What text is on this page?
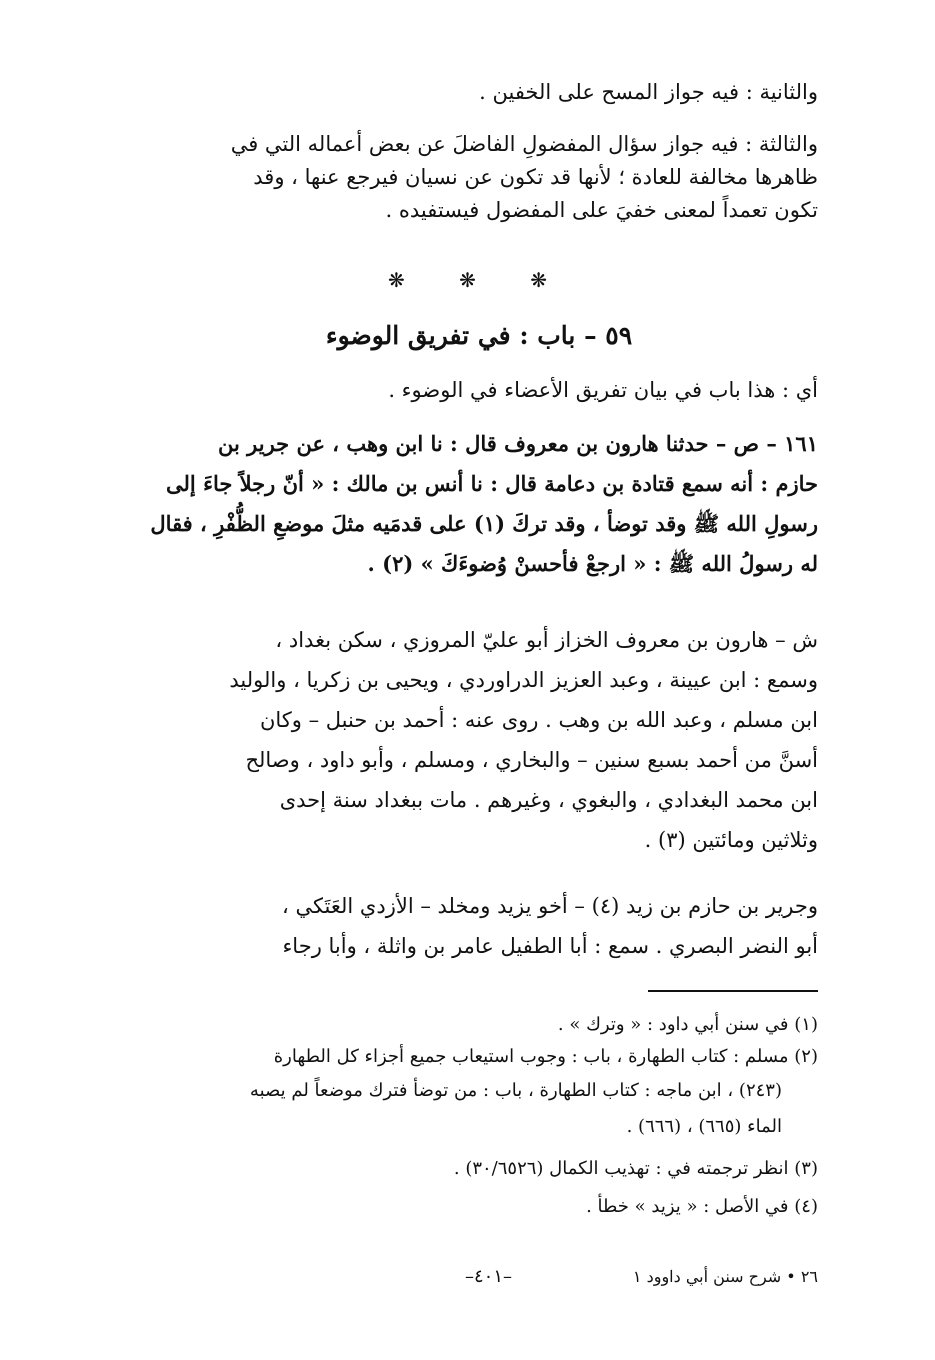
والثانية : فيه جواز المسح على الخفين .
والثالثة : فيه جواز سؤال المفضولِ الفاضلَ عن بعض أعماله التي في
ظاهرها مخالفة للعادة ؛ لأنها قد تكون عن نسيان فيرجع عنها ، وقد
تكون تعمداً لمعنى خفيَ على المفضول فيستفيده .
❋ ❋ ❋
٥٩ – باب : في تفريق الوضوء
أي : هذا باب في بيان تفريق الأعضاء في الوضوء .
١٦١ – ص – حدثنا هارون بن معروف قال : نا ابن وهب ، عن جرير بن
حازم : أنه سمع قتادة بن دعامة قال : نا أنس بن مالك : « أنّ رجلاً جاءَ إلى
رسولِ الله ﷺ وقد توضأ ، وقد تركَ (١) على قدمَيه مثلَ موضعِ الظُّفْرِ ، فقال
له رسولُ الله ﷺ : « ارجعْ فأحسنْ وُضوءَكَ » (٢) .
ش – هارون بن معروف الخزاز أبو عليّ المروزي ، سكن بغداد ،
وسمع : ابن عيينة ، وعبد العزيز الدراوردي ، ويحيى بن زكريا ، والوليد
ابن مسلم ، وعبد الله بن وهب . روى عنه : أحمد بن حنبل – وكان
أسنَّ من أحمد بسبع سنين – والبخاري ، ومسلم ، وأبو داود ، وصالح
ابن محمد البغدادي ، والبغوي ، وغيرهم . مات ببغداد سنة إحدى
وثلاثين ومائتين (٣) .
وجرير بن حازم بن زيد (٤) – أخو يزيد ومخلد – الأزدي العَتَكي ،
أبو النضر البصري . سمع : أبا الطفيل عامر بن واثلة ، وأبا رجاء
(١) في سنن أبي داود : « وترك » .
(٢) مسلم : كتاب الطهارة ، باب : وجوب استيعاب جميع أجزاء كل الطهارة
(٢٤٣) ، ابن ماجه : كتاب الطهارة ، باب : من توضأ فترك موضعاً لم يصبه
الماء (٦٦٥) ، (٦٦٦) .
(٣) انظر ترجمته في : تهذيب الكمال (٣٠/٦٥٢٦) .
(٤) في الأصل : « يزيد » خطأ .
٢٦ • شرح سنن أبي داوود ١
–٤٠١–
